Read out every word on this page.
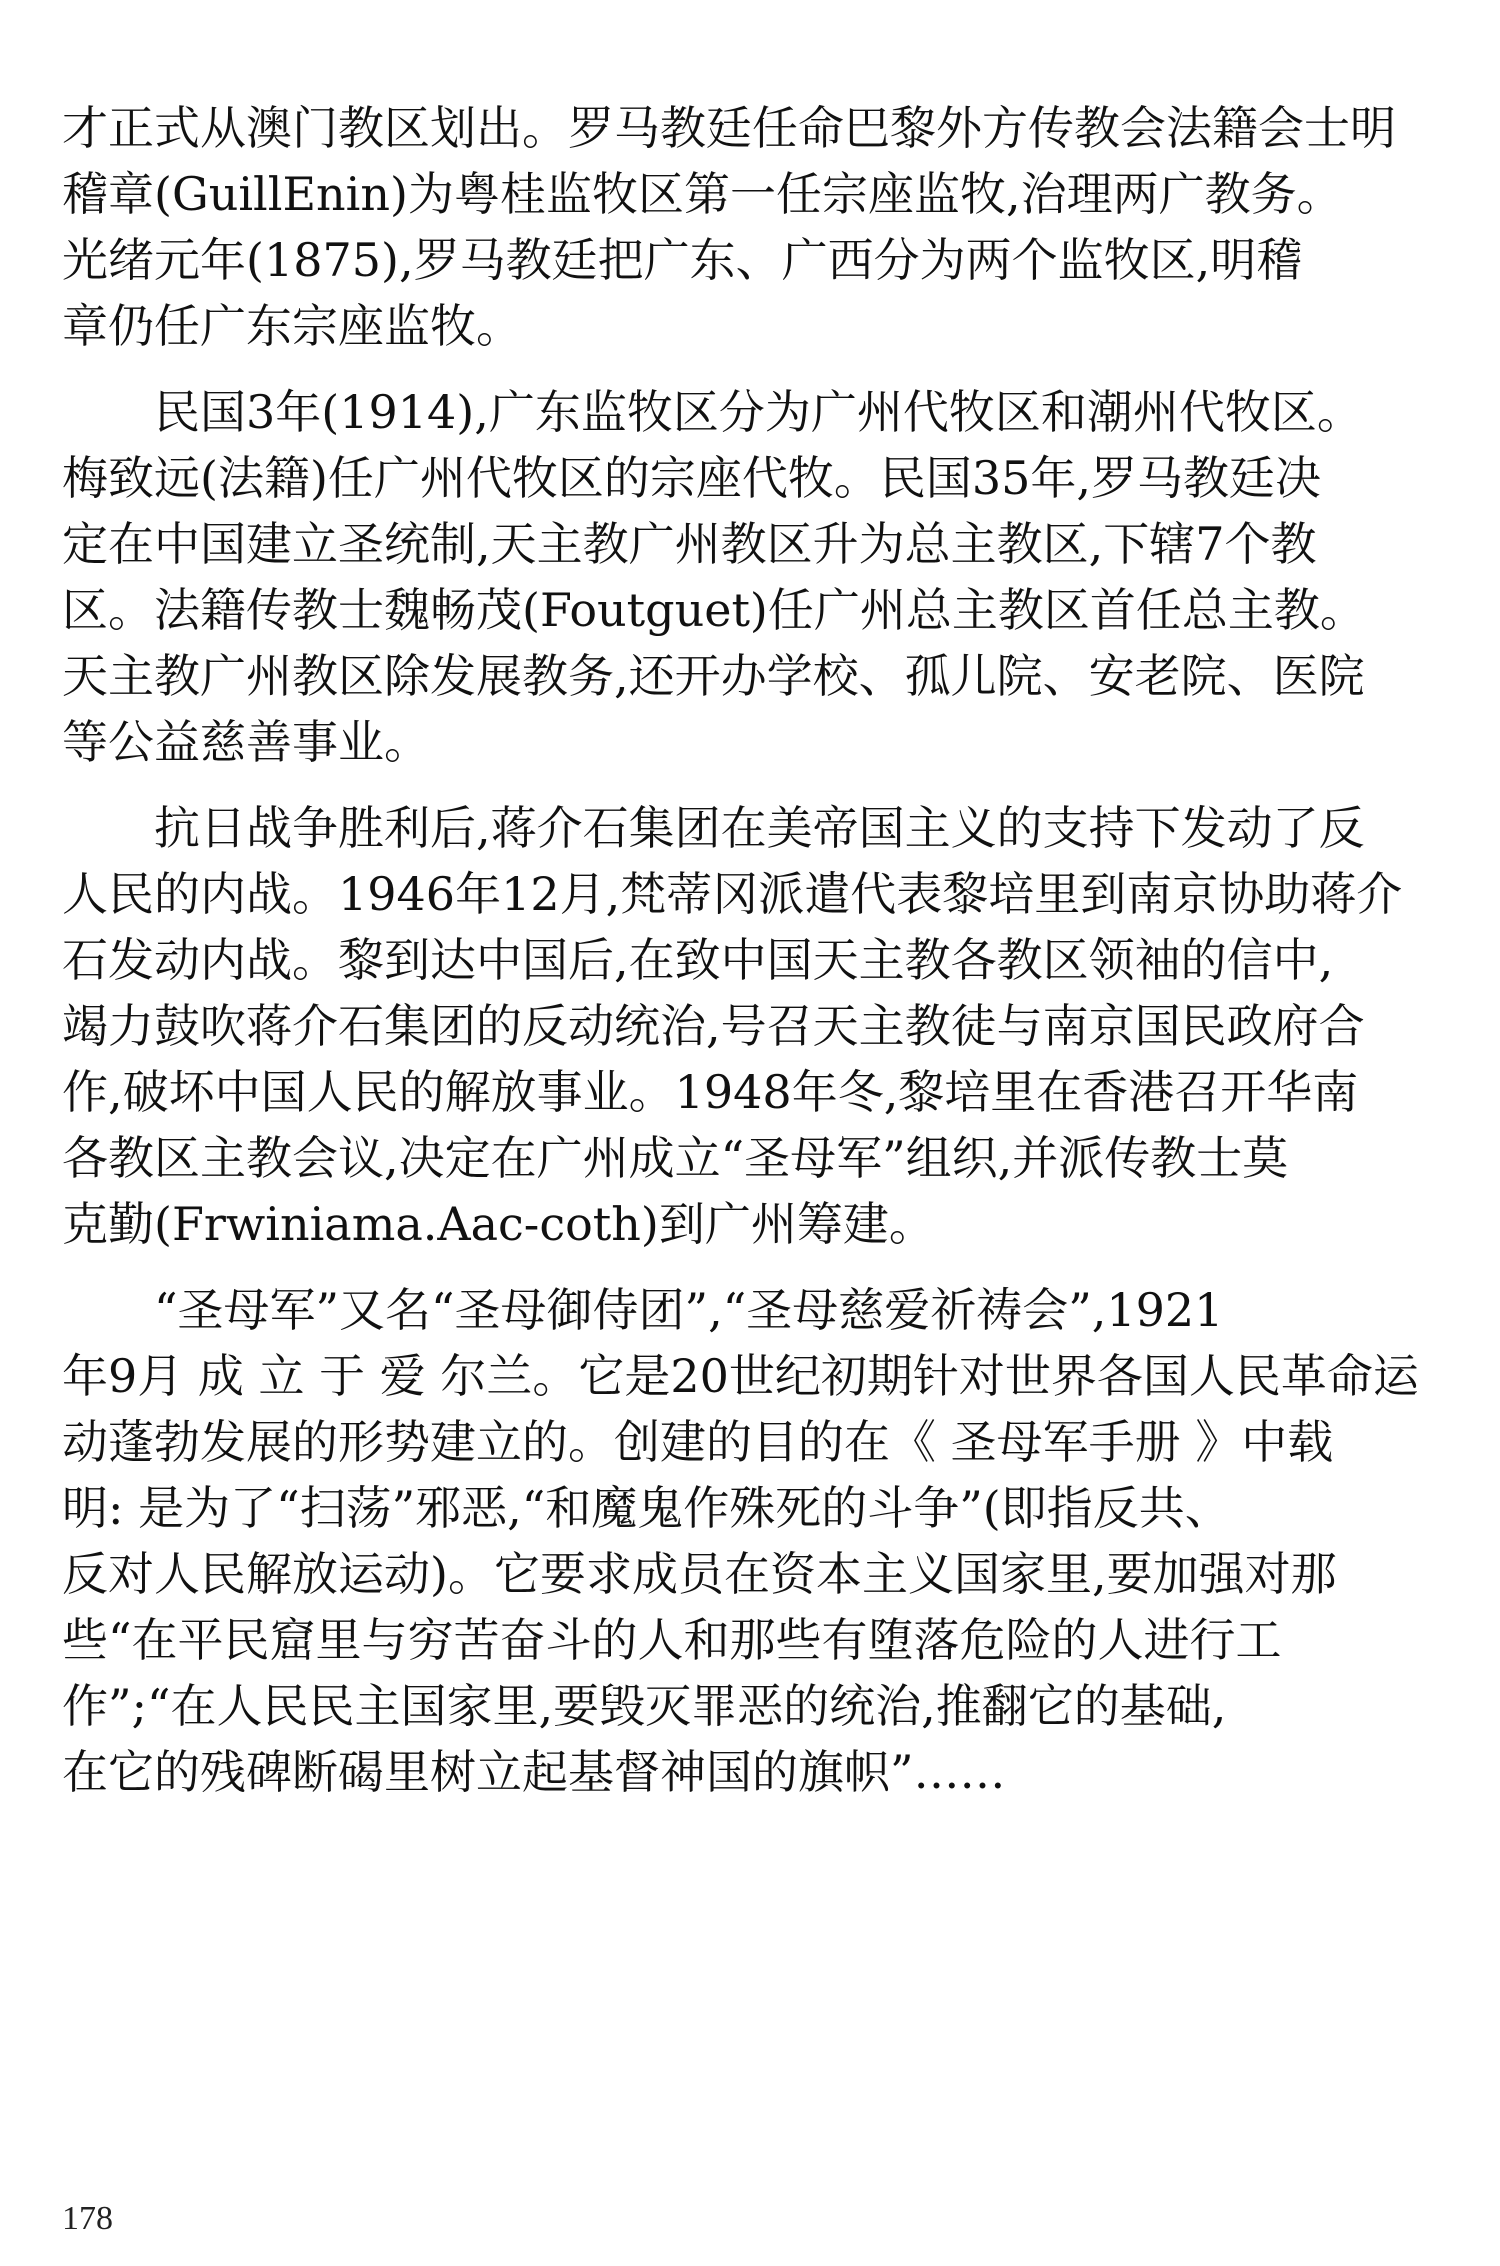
才正式从澳门教区划出。罗马教廷任命巴黎外方传教会法籍会士明
稽章(GuillEnin)为粤桂监牧区第一任宗座监牧,治理两广教务。
光绪元年(1875),罗马教廷把广东、广西分为两个监牧区,明稽
章仍任广东宗座监牧。
　　民国3年(1914),广东监牧区分为广州代牧区和潮州代牧区。
梅致远(法籍)任广州代牧区的宗座代牧。民国35年,罗马教廷决
定在中国建立圣统制,天主教广州教区升为总主教区,下辖7个教
区。法籍传教士魏畅茂(Foutguet)任广州总主教区首任总主教。
天主教广州教区除发展教务,还开办学校、孤儿院、安老院、医院
等公益慈善事业。
　　抗日战争胜利后,蒋介石集团在美帝国主义的支持下发动了反
人民的内战。1946年12月,梵蒂冈派遣代表黎培里到南京协助蒋介
石发动内战。黎到达中国后,在致中国天主教各教区领袖的信中,
竭力鼓吹蒋介石集团的反动统治,号召天主教徒与南京国民政府合
作,破坏中国人民的解放事业。1948年冬,黎培里在香港召开华南
各教区主教会议,决定在广州成立“圣母军”组织,并派传教士莫
克勤(Frwiniama.Aac-coth)到广州筹建。
　　“圣母军”又名“圣母御侍团”,“圣母慈爱祈祷会”,1921
年9月 成 立 于 爱 尔兰。它是20世纪初期针对世界各国人民革命运
动蓬勃发展的形势建立的。创建的目的在《 圣母军手册 》中载
明: 是为了“扫荡”邪恶,“和魔鬼作殊死的斗争”(即指反共、
反对人民解放运动)。它要求成员在资本主义国家里,要加强对那
些“在平民窟里与穷苦奋斗的人和那些有堕落危险的人进行工
作”;“在人民民主国家里,要毁灭罪恶的统治,推翻它的基础,
在它的残碑断碣里树立起基督神国的旗帜”……
178
